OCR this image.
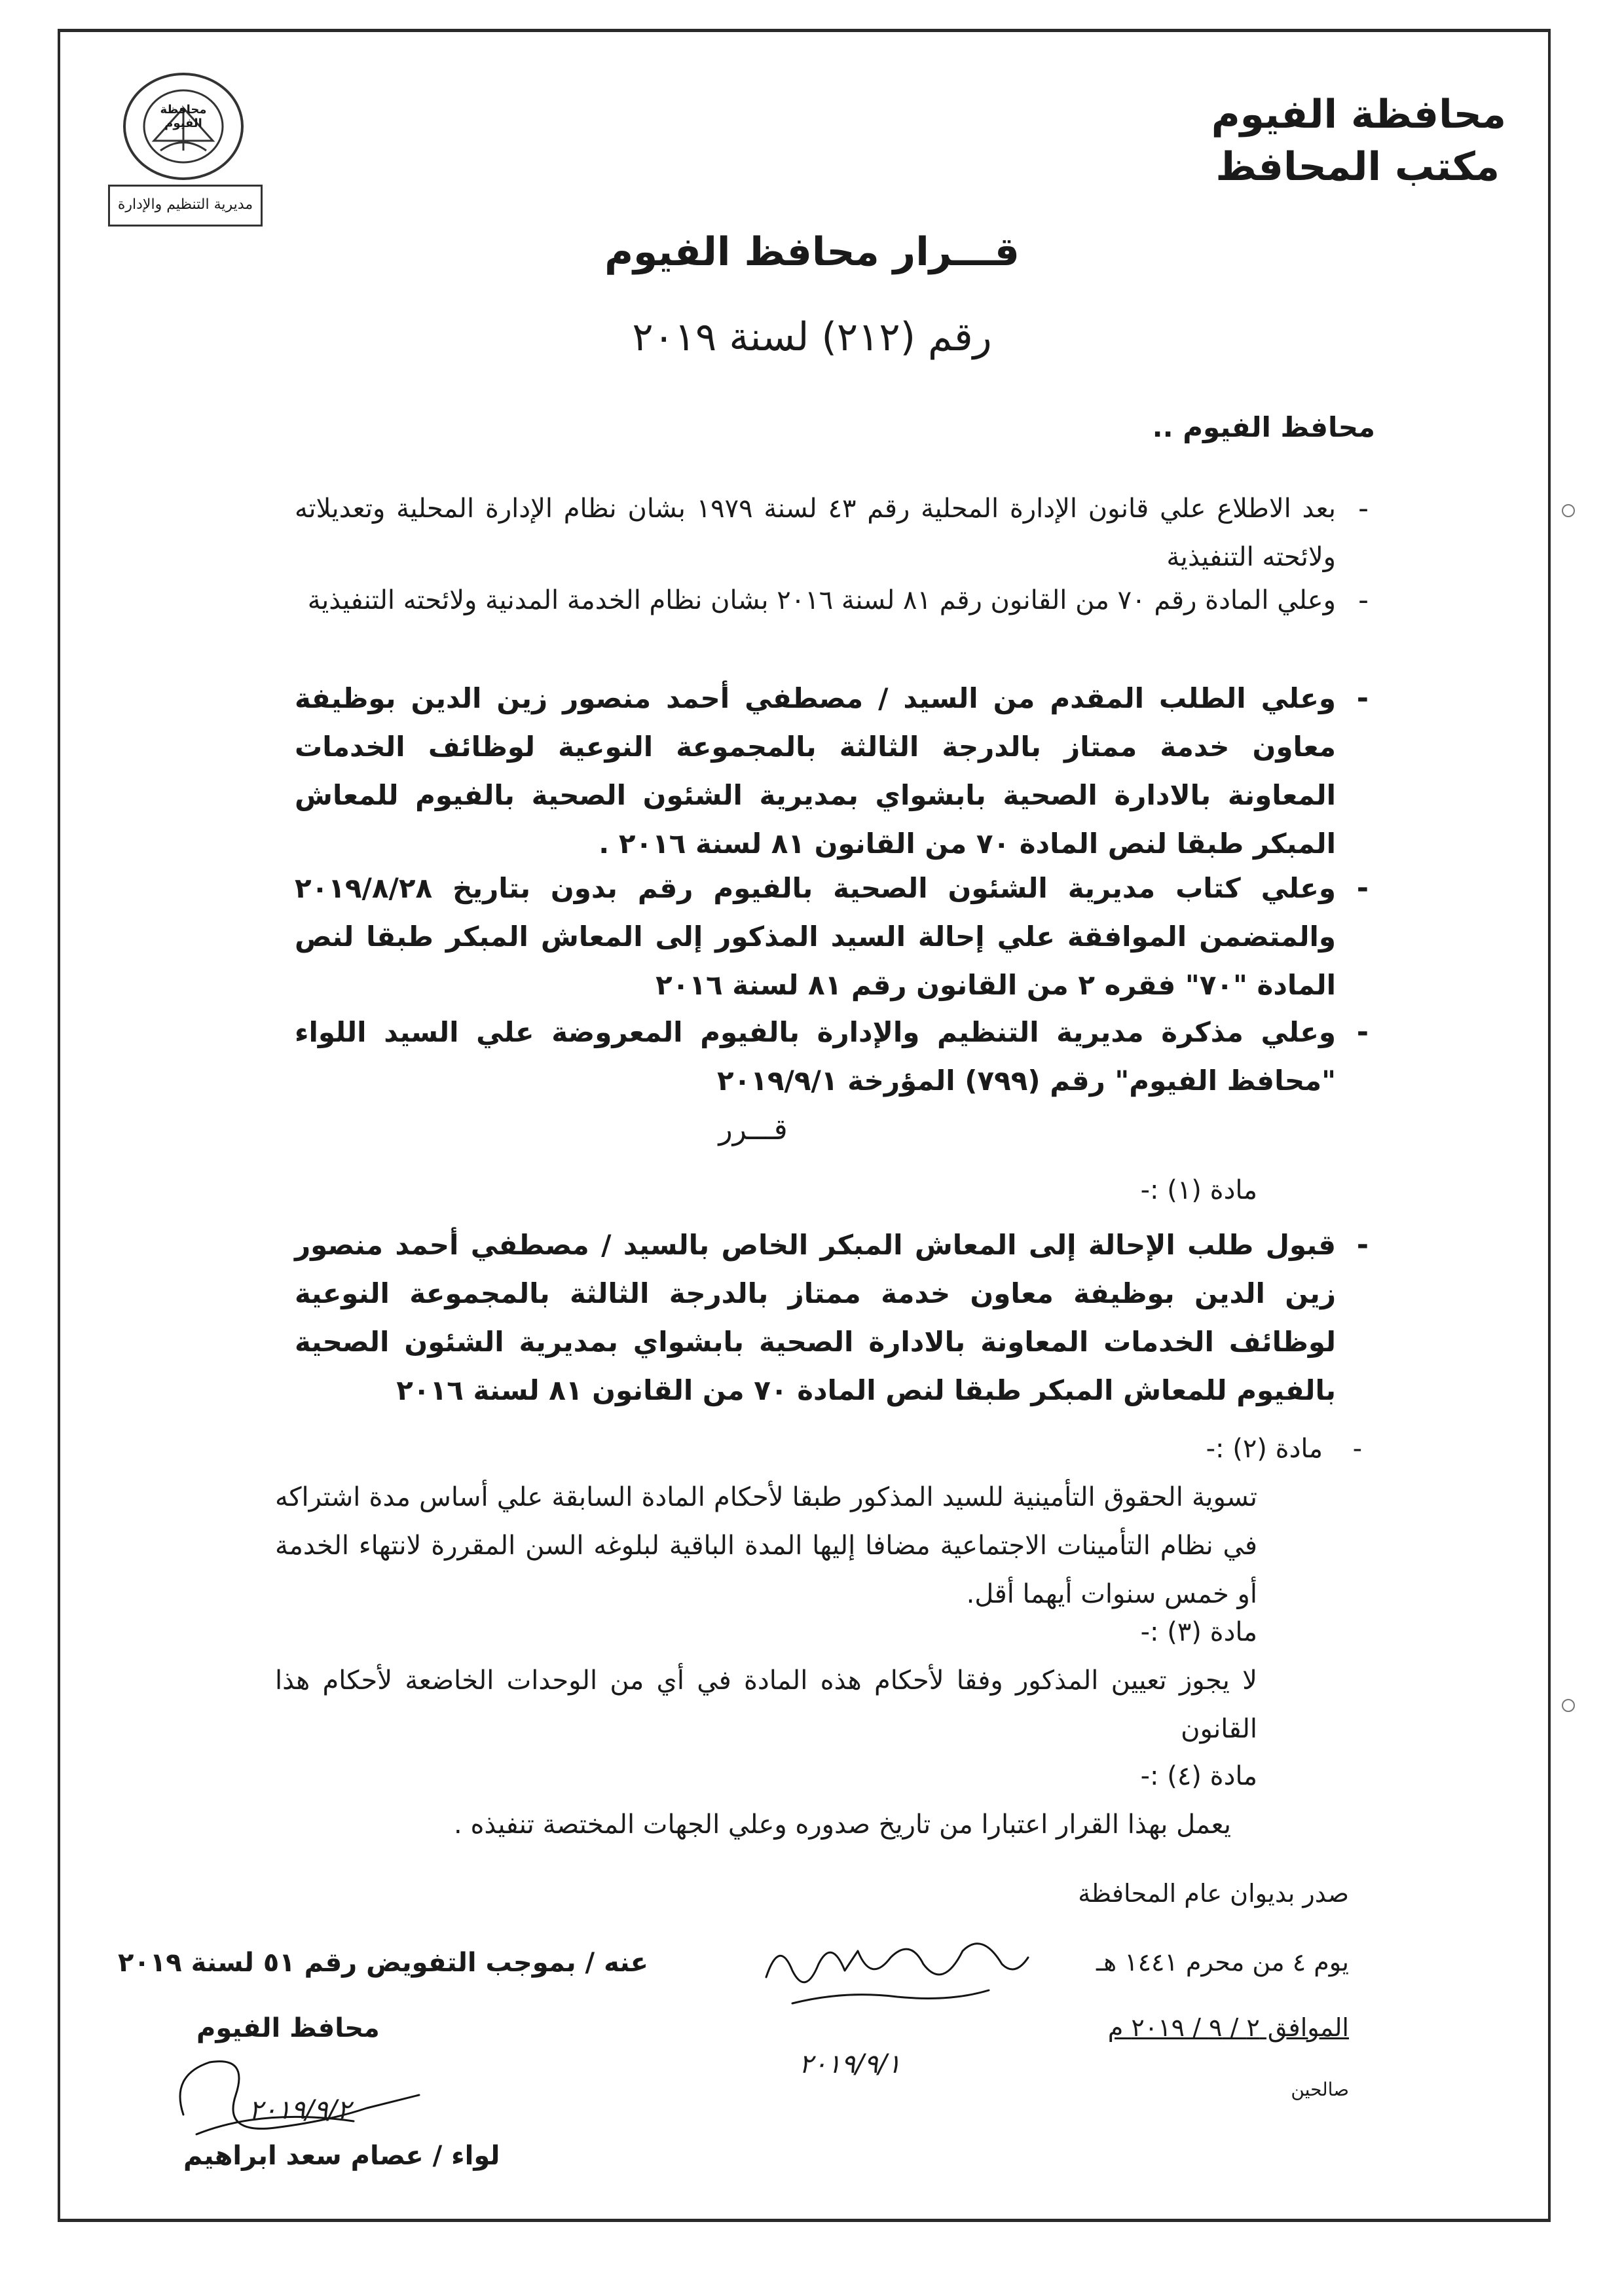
محافظة الفيوم
مكتب المحافظ
محافظة الفيوم
مديرية التنظيم والإدارة
قـــرار محافظ الفيوم
رقم (٢١٢) لسنة ٢٠١٩
محافظ الفيوم ..
-
بعد الاطلاع علي قانون الإدارة المحلية رقم ٤٣ لسنة ١٩٧٩ بشان نظام الإدارة المحلية وتعديلاته ولائحته التنفيذية
-
وعلي المادة رقم ٧٠ من القانون رقم ٨١ لسنة ٢٠١٦ بشان نظام الخدمة المدنية ولائحته التنفيذية
-
وعلي الطلب المقدم من السيد / مصطفي أحمد منصور زين الدين بوظيفة معاون خدمة ممتاز بالدرجة الثالثة بالمجموعة النوعية لوظائف الخدمات المعاونة بالادارة الصحية بابشواي بمديرية الشئون الصحية بالفيوم للمعاش المبكر طبقا لنص المادة ٧٠ من القانون ٨١ لسنة ٢٠١٦ .
-
وعلي كتاب مديرية الشئون الصحية بالفيوم رقم بدون بتاريخ ٢٠١٩/٨/٢٨ والمتضمن الموافقة علي إحالة السيد المذكور إلى المعاش المبكر طبقا لنص المادة "٧٠" فقره ٢ من القانون رقم ٨١ لسنة ٢٠١٦
-
وعلي مذكرة مديرية التنظيم والإدارة بالفيوم المعروضة علي السيد اللواء "محافظ الفيوم" رقم (٧٩٩) المؤرخة ٢٠١٩/٩/١
قـــرر
مادة (١) :-
-
قبول طلب الإحالة إلى المعاش المبكر الخاص بالسيد / مصطفي أحمد منصور زين الدين بوظيفة معاون خدمة ممتاز بالدرجة الثالثة بالمجموعة النوعية لوظائف الخدمات المعاونة بالادارة الصحية بابشواي بمديرية الشئون الصحية بالفيوم للمعاش المبكر طبقا لنص المادة ٧٠ من القانون ٨١ لسنة ٢٠١٦
مادة (٢) :- -
تسوية الحقوق التأمينية للسيد المذكور طبقا لأحكام المادة السابقة علي أساس مدة اشتراكه في نظام التأمينات الاجتماعية مضافا إليها المدة الباقية لبلوغه السن المقررة لانتهاء الخدمة أو خمس سنوات أيهما أقل.
مادة (٣) :-
لا يجوز تعيين المذكور وفقا لأحكام هذه المادة في أي من الوحدات الخاضعة لأحكام هذا القانون
مادة (٤) :-
يعمل بهذا القرار اعتبارا من تاريخ صدوره وعلي الجهات المختصة تنفيذه .
صدر بديوان عام المحافظة
يوم ٤ من محرم ١٤٤١ هـ
الموافق ٢ / ٩ / ٢٠١٩ م
صالحين
٢٠١٩/٩/١
عنه / بموجب التفويض رقم ٥١ لسنة ٢٠١٩
محافظ الفيوم
٢٠١٩/٩/٢
لواء / عصام سعد ابراهيم
